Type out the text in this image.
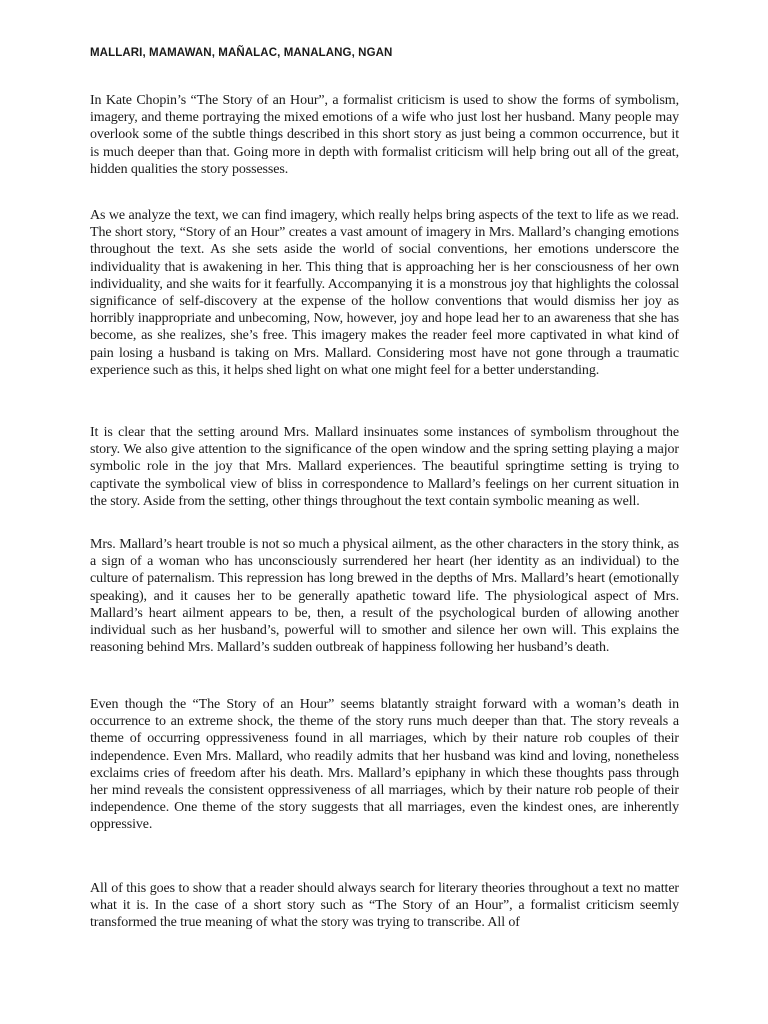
MALLARI, MAMAWAN, MAÑALAC, MANALANG, NGAN

In Kate Chopin’s “The Story of an Hour”, a formalist criticism is used to show the forms of symbolism, imagery, and theme portraying the mixed emotions of a wife who just lost her husband. Many people may overlook some of the subtle things described in this short story as just being a common occurrence, but it is much deeper than that. Going more in depth with formalist criticism will help bring out all of the great, hidden qualities the story possesses.

As we analyze the text, we can find imagery, which really helps bring aspects of the text to life as we read. The short story, “Story of an Hour” creates a vast amount of imagery in Mrs. Mallard’s changing emotions throughout the text. As she sets aside the world of social conventions, her emotions underscore the individuality that is awakening in her. This thing that is approaching her is her consciousness of her own individuality, and she waits for it fearfully. Accompanying it is a monstrous joy that highlights the colossal significance of self-discovery at the expense of the hollow conventions that would dismiss her joy as horribly inappropriate and unbecoming, Now, however, joy and hope lead her to an awareness that she has become, as she realizes, she’s free. This imagery makes the reader feel more captivated in what kind of pain losing a husband is taking on Mrs. Mallard. Considering most have not gone through a traumatic experience such as this, it helps shed light on what one might feel for a better understanding.

It is clear that the setting around Mrs. Mallard insinuates some instances of symbolism throughout the story. We also give attention to the significance of the open window and the spring setting playing a major symbolic role in the joy that Mrs. Mallard experiences. The beautiful springtime setting is trying to captivate the symbolical view of bliss in correspondence to Mallard’s feelings on her current situation in the story. Aside from the setting, other things throughout the text contain symbolic meaning as well.

Mrs. Mallard’s heart trouble is not so much a physical ailment, as the other characters in the story think, as a sign of a woman who has unconsciously surrendered her heart (her identity as an individual) to the culture of paternalism. This repression has long brewed in the depths of Mrs. Mallard’s heart (emotionally speaking), and it causes her to be generally apathetic toward life. The physiological aspect of Mrs. Mallard’s heart ailment appears to be, then, a result of the psychological burden of allowing another individual such as her husband’s, powerful will to smother and silence her own will. This explains the reasoning behind Mrs. Mallard’s sudden outbreak of happiness following her husband’s death.

Even though the “The Story of an Hour” seems blatantly straight forward with a woman’s death in occurrence to an extreme shock, the theme of the story runs much deeper than that. The story reveals a theme of occurring oppressiveness found in all marriages, which by their nature rob couples of their independence. Even Mrs. Mallard, who readily admits that her husband was kind and loving, nonetheless exclaims cries of freedom after his death. Mrs. Mallard’s epiphany in which these thoughts pass through her mind reveals the consistent oppressiveness of all marriages, which by their nature rob people of their independence. One theme of the story suggests that all marriages, even the kindest ones, are inherently oppressive.

All of this goes to show that a reader should always search for literary theories throughout a text no matter what it is. In the case of a short story such as “The Story of an Hour”, a formalist criticism seemly transformed the true meaning of what the story was trying to transcribe. All of
